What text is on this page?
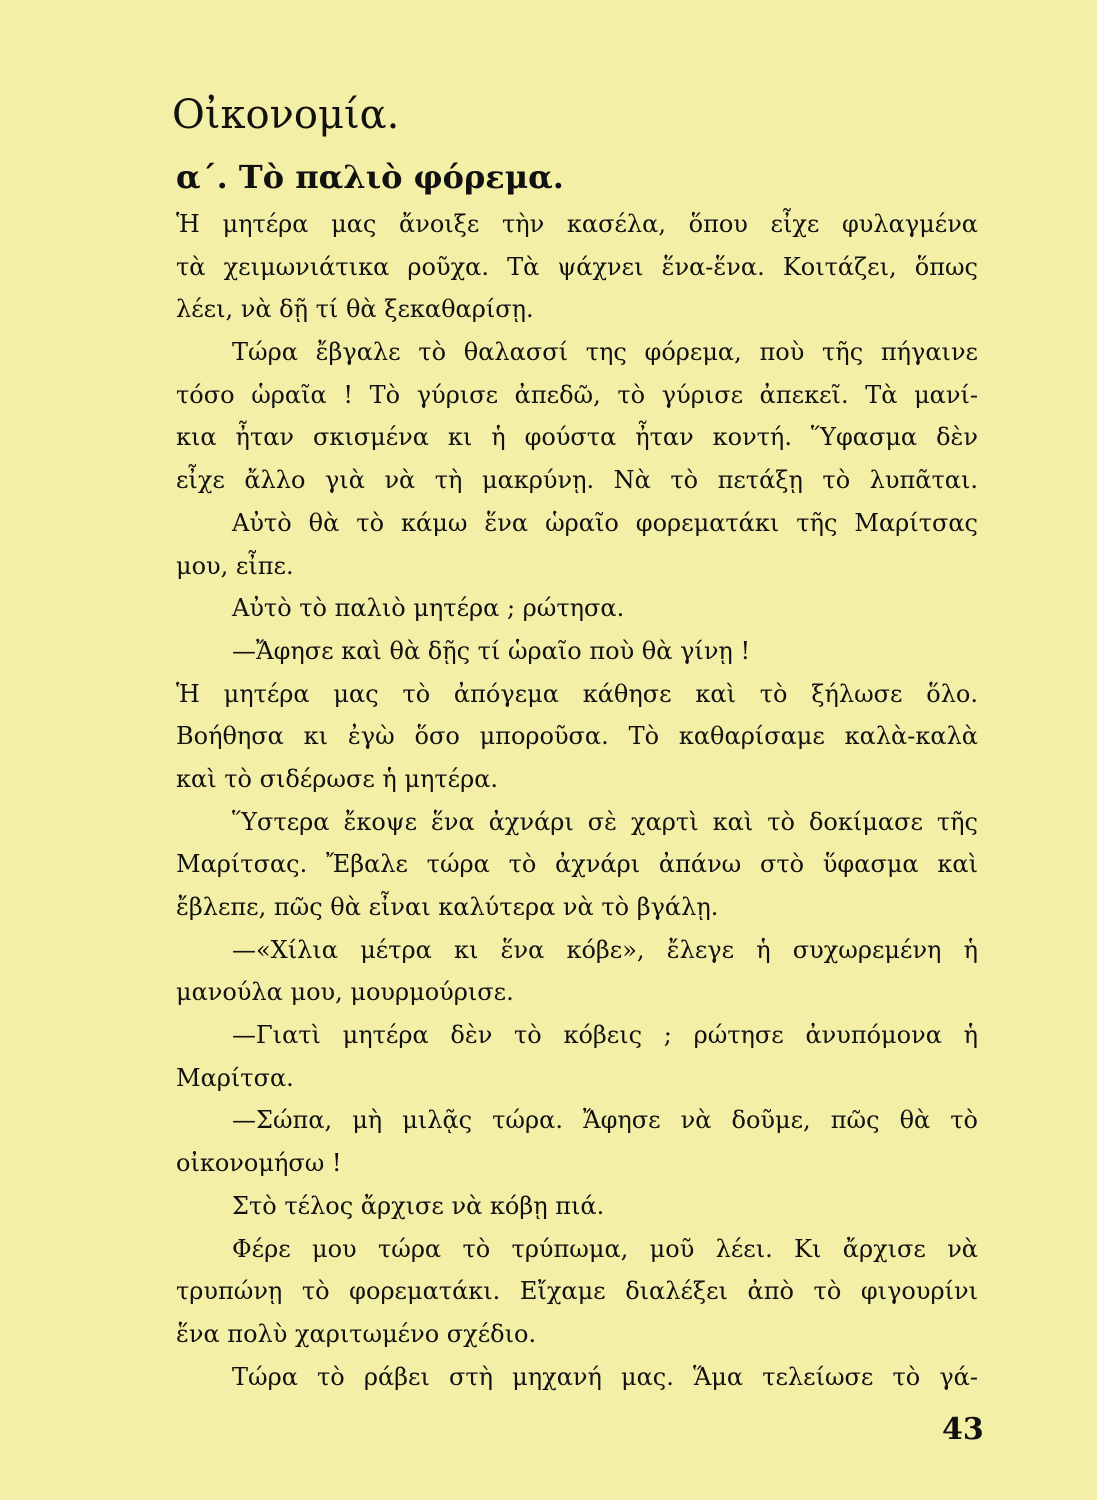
Οἰκονομία.
α΄. Τὸ παλιὸ φόρεμα.
Ἡ μητέρα μας ἄνοιξε τὴν κασέλα, ὅπου εἶχε φυλαγμένα
τὰ χειμωνιάτικα ροῦχα. Τὰ ψάχνει ἕνα-ἕνα. Κοιτάζει, ὅπως
λέει, νὰ δῇ τί θὰ ξεκαθαρίσῃ.
Τώρα ἔβγαλε τὸ θαλασσί της φόρεμα, ποὺ τῆς πήγαινε
τόσο ὡραῖα ! Τὸ γύρισε ἀπεδῶ, τὸ γύρισε ἀπεκεῖ. Τὰ μανί-
κια ἦταν σκισμένα κι ἡ φούστα ἦταν κοντή. Ὕφασμα δὲν
εἶχε ἄλλο γιὰ νὰ τὴ μακρύνῃ. Νὰ τὸ πετάξῃ τὸ λυπᾶται.
Αὐτὸ θὰ τὸ κάμω ἕνα ὡραῖο φορεματάκι τῆς Μαρίτσας
μου, εἶπε.
Αὐτὸ τὸ παλιὸ μητέρα ; ρώτησα.
—Ἄφησε καὶ θὰ δῇς τί ὡραῖο ποὺ θὰ γίνῃ !
Ἡ μητέρα μας τὸ ἀπόγεμα κάθησε καὶ τὸ ξήλωσε ὅλο.
Βοήθησα κι ἐγὼ ὅσο μποροῦσα. Τὸ καθαρίσαμε καλὰ-καλὰ
καὶ τὸ σιδέρωσε ἡ μητέρα.
Ὕστερα ἔκοψε ἕνα ἀχνάρι σὲ χαρτὶ καὶ τὸ δοκίμασε τῆς
Μαρίτσας. Ἔβαλε τώρα τὸ ἀχνάρι ἀπάνω στὸ ὕφασμα καὶ
ἔβλεπε, πῶς θὰ εἶναι καλύτερα νὰ τὸ βγάλῃ.
—«Χίλια μέτρα κι ἕνα κόβε», ἔλεγε ἡ συχωρεμένη ἡ
μανούλα μου, μουρμούρισε.
—Γιατὶ μητέρα δὲν τὸ κόβεις ; ρώτησε ἀνυπόμονα ἡ
Μαρίτσα.
—Σώπα, μὴ μιλᾷς τώρα. Ἄφησε νὰ δοῦμε, πῶς θὰ τὸ
οἰκονομήσω !
Στὸ τέλος ἄρχισε νὰ κόβῃ πιά.
Φέρε μου τώρα τὸ τρύπωμα, μοῦ λέει. Κι ἄρχισε νὰ
τρυπώνῃ τὸ φορεματάκι. Εἴχαμε διαλέξει ἀπὸ τὸ φιγουρίνι
ἕνα πολὺ χαριτωμένο σχέδιο.
Τώρα τὸ ράβει στὴ μηχανή μας. Ἅμα τελείωσε τὸ γά-
43
